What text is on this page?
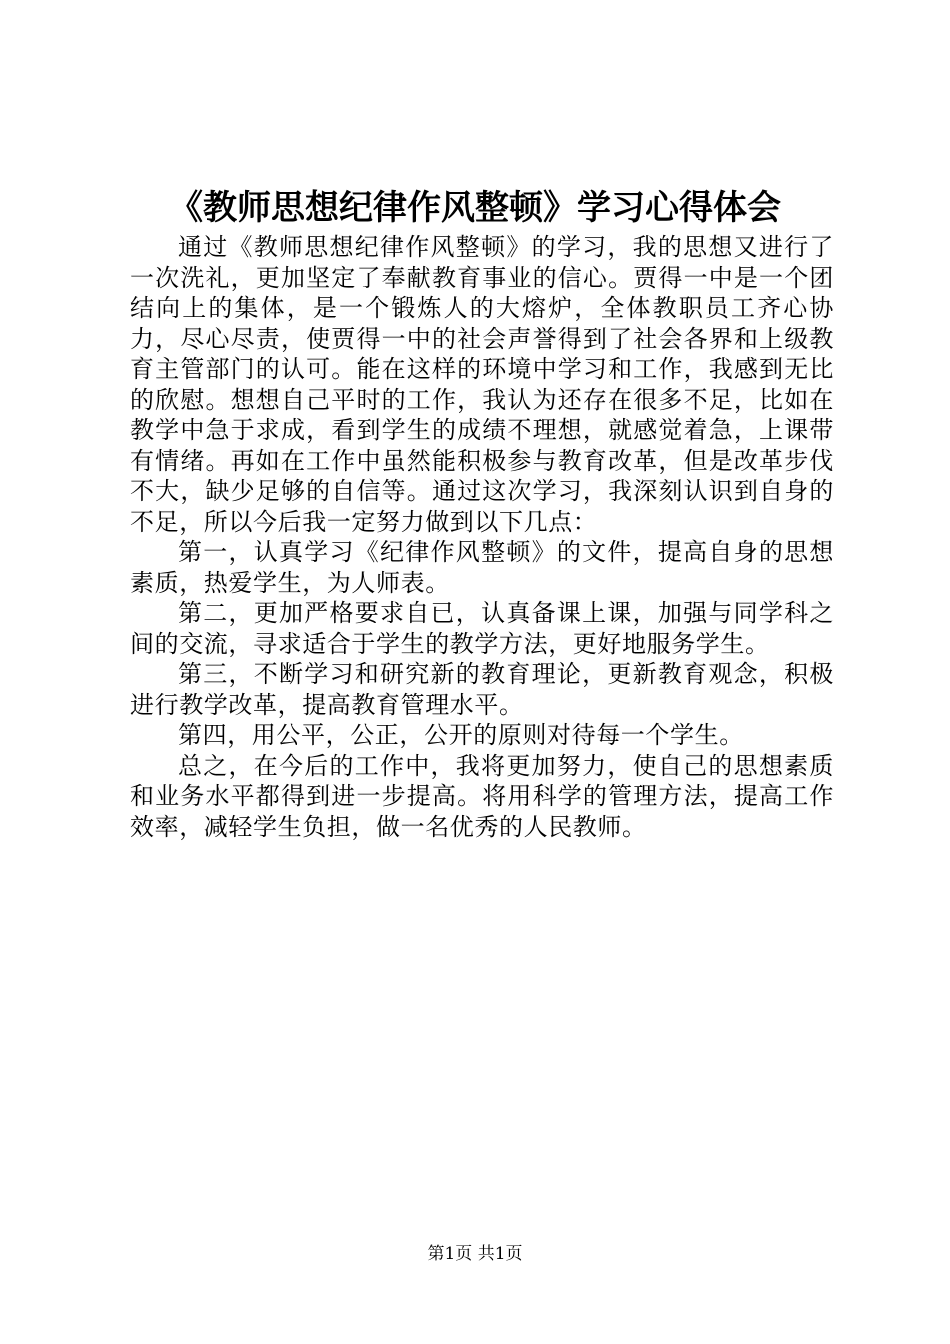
《教师思想纪律作风整顿》学习心得体会

通过《教师思想纪律作风整顿》的学习，我的思想又进行了一次洗礼，更加坚定了奉献教育事业的信心。贾得一中是一个团结向上的集体，是一个锻炼人的大熔炉，全体教职员工齐心协力，尽心尽责，使贾得一中的社会声誉得到了社会各界和上级教育主管部门的认可。能在这样的环境中学习和工作，我感到无比的欣慰。想想自己平时的工作，我认为还存在很多不足，比如在教学中急于求成，看到学生的成绩不理想，就感觉着急，上课带有情绪。再如在工作中虽然能积极参与教育改革，但是改革步伐不大，缺少足够的自信等。通过这次学习，我深刻认识到自身的不足，所以今后我一定努力做到以下几点：

第一，认真学习《纪律作风整顿》的文件，提高自身的思想素质，热爱学生，为人师表。

第二，更加严格要求自已，认真备课上课，加强与同学科之间的交流，寻求适合于学生的教学方法，更好地服务学生。

第三，不断学习和研究新的教育理论，更新教育观念，积极进行教学改革，提高教育管理水平。

第四，用公平，公正，公开的原则对待每一个学生。

总之，在今后的工作中，我将更加努力，使自己的思想素质和业务水平都得到进一步提高。将用科学的管理方法，提高工作效率，减轻学生负担，做一名优秀的人民教师。

第1页 共1页
